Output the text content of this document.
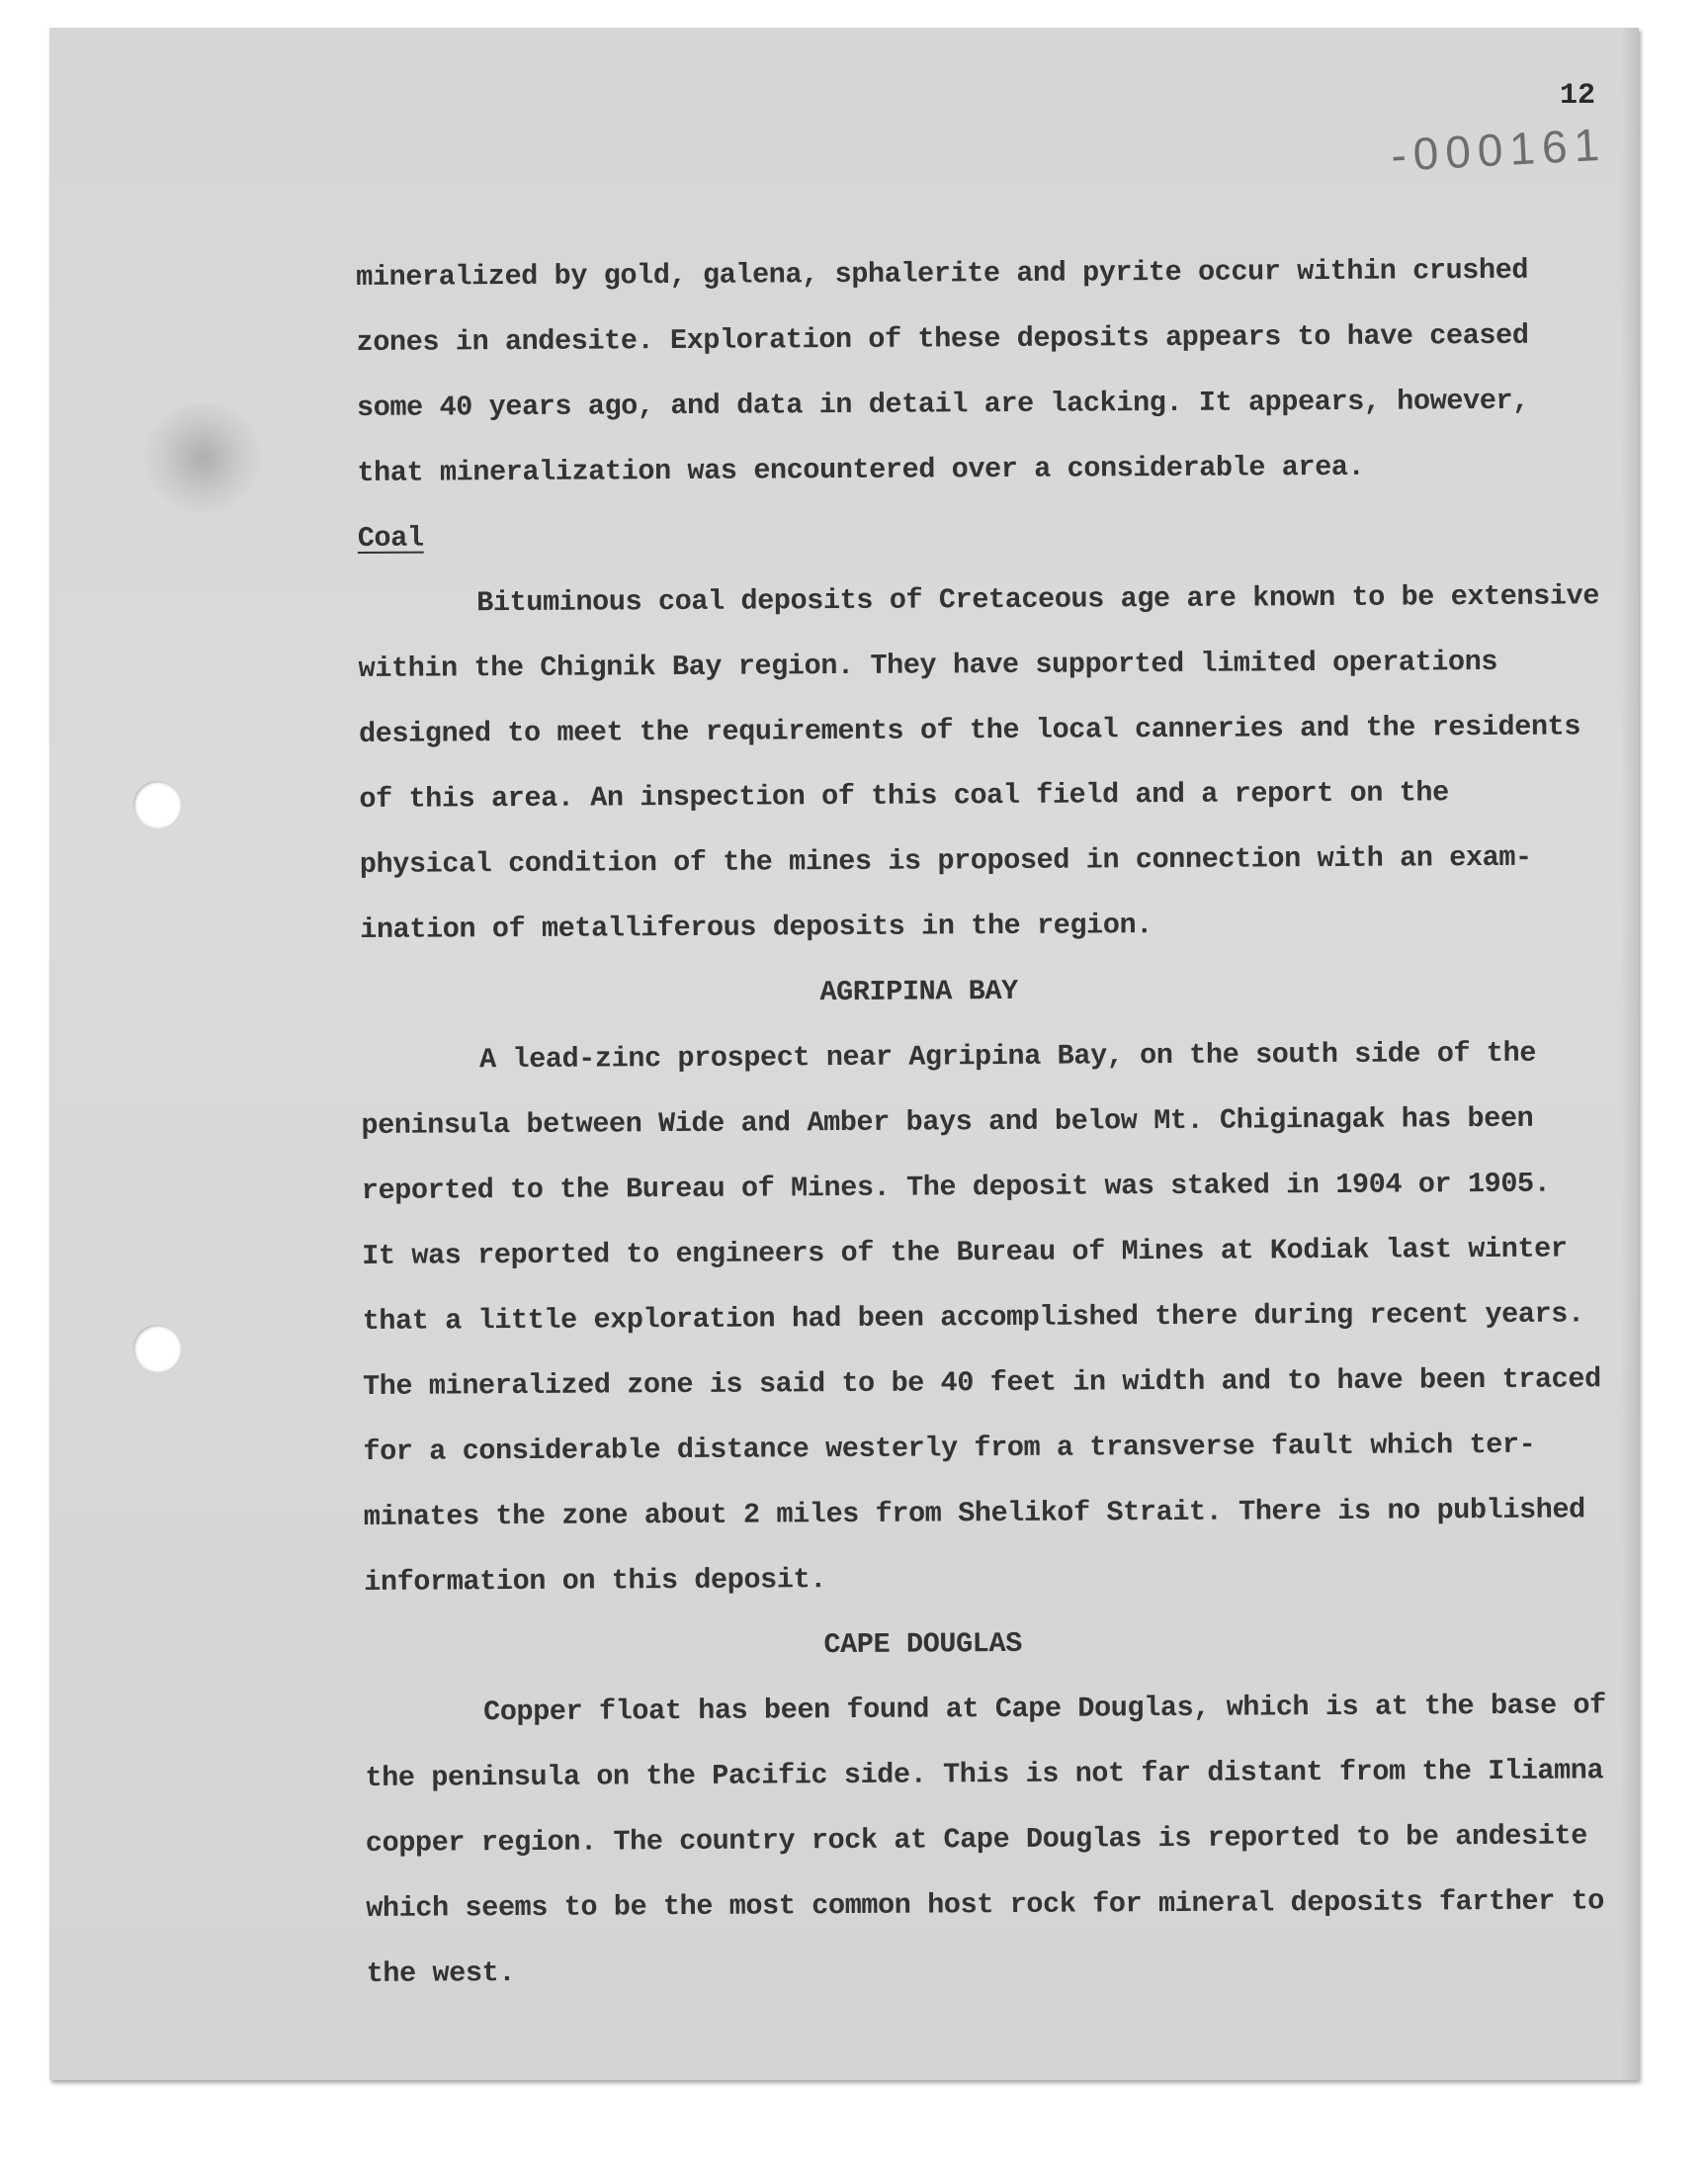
12
-000161

mineralized by gold, galena, sphalerite and pyrite occur within crushed
zones in andesite. Exploration of these deposits appears to have ceased
some 40 years ago, and data in detail are lacking. It appears, however,
that mineralization was encountered over a considerable area.

Coal

Bituminous coal deposits of Cretaceous age are known to be extensive
within the Chignik Bay region. They have supported limited operations
designed to meet the requirements of the local canneries and the residents
of this area. An inspection of this coal field and a report on the
physical condition of the mines is proposed in connection with an exam-
ination of metalliferous deposits in the region.

AGRIPINA BAY

A lead-zinc prospect near Agripina Bay, on the south side of the
peninsula between Wide and Amber bays and below Mt. Chiginagak has been
reported to the Bureau of Mines. The deposit was staked in 1904 or 1905.
It was reported to engineers of the Bureau of Mines at Kodiak last winter
that a little exploration had been accomplished there during recent years.
The mineralized zone is said to be 40 feet in width and to have been traced
for a considerable distance westerly from a transverse fault which ter-
minates the zone about 2 miles from Shelikof Strait. There is no published
information on this deposit.

CAPE DOUGLAS

Copper float has been found at Cape Douglas, which is at the base of
the peninsula on the Pacific side. This is not far distant from the Iliamna
copper region. The country rock at Cape Douglas is reported to be andesite
which seems to be the most common host rock for mineral deposits farther to
the west.
